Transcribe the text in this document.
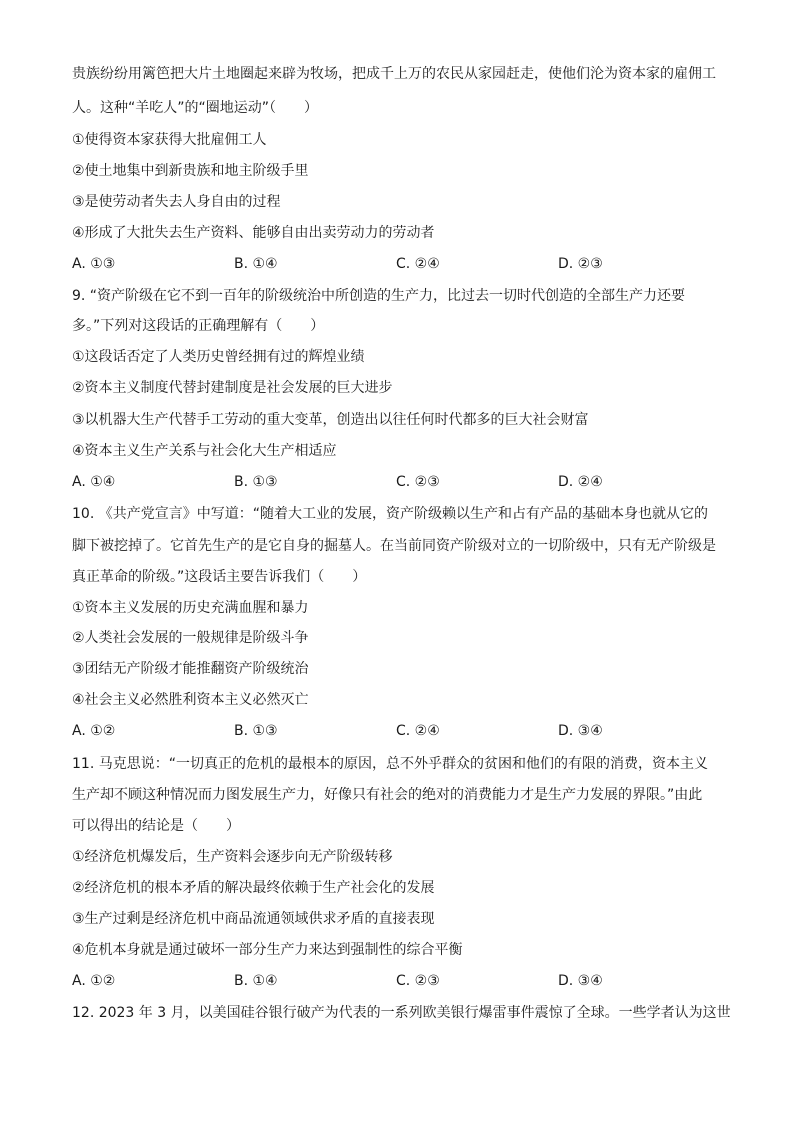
贵族纷纷用篱笆把大片土地圈起来辟为牧场，把成千上万的农民从家园赶走，使他们沦为资本家的雇佣工
人。这种“羊吃人”的“圈地运动”（　　）
①使得资本家获得大批雇佣工人
②使土地集中到新贵族和地主阶级手里
③是使劳动者失去人身自由的过程
④形成了大批失去生产资料、能够自由出卖劳动力的劳动者
A. ①③	B. ①④	C. ②④	D. ②③
9. “资产阶级在它不到一百年的阶级统治中所创造的生产力，比过去一切时代创造的全部生产力还要
多。”下列对这段话的正确理解有（　　）
①这段话否定了人类历史曾经拥有过的辉煌业绩
②资本主义制度代替封建制度是社会发展的巨大进步
③以机器大生产代替手工劳动的重大变革，创造出以往任何时代都多的巨大社会财富
④资本主义生产关系与社会化大生产相适应
A. ①④	B. ①③	C. ②③	D. ②④
10. 《共产党宣言》中写道：“随着大工业的发展，资产阶级赖以生产和占有产品的基础本身也就从它的
脚下被挖掉了。它首先生产的是它自身的掘墓人。在当前同资产阶级对立的一切阶级中，只有无产阶级是
真正革命的阶级。”这段话主要告诉我们（　　）
①资本主义发展的历史充满血腥和暴力
②人类社会发展的一般规律是阶级斗争
③团结无产阶级才能推翻资产阶级统治
④社会主义必然胜利资本主义必然灭亡
A. ①②	B. ①③	C. ②④	D. ③④
11. 马克思说：“一切真正的危机的最根本的原因，总不外乎群众的贫困和他们的有限的消费，资本主义
生产却不顾这种情况而力图发展生产力，好像只有社会的绝对的消费能力才是生产力发展的界限。”由此
可以得出的结论是（　　）
①经济危机爆发后，生产资料会逐步向无产阶级转移
②经济危机的根本矛盾的解决最终依赖于生产社会化的发展
③生产过剩是经济危机中商品流通领域供求矛盾的直接表现
④危机本身就是通过破坏一部分生产力来达到强制性的综合平衡
A. ①②	B. ①④	C. ②③	D. ③④
12. 2023 年 3 月，以美国硅谷银行破产为代表的一系列欧美银行爆雷事件震惊了全球。一些学者认为这世
